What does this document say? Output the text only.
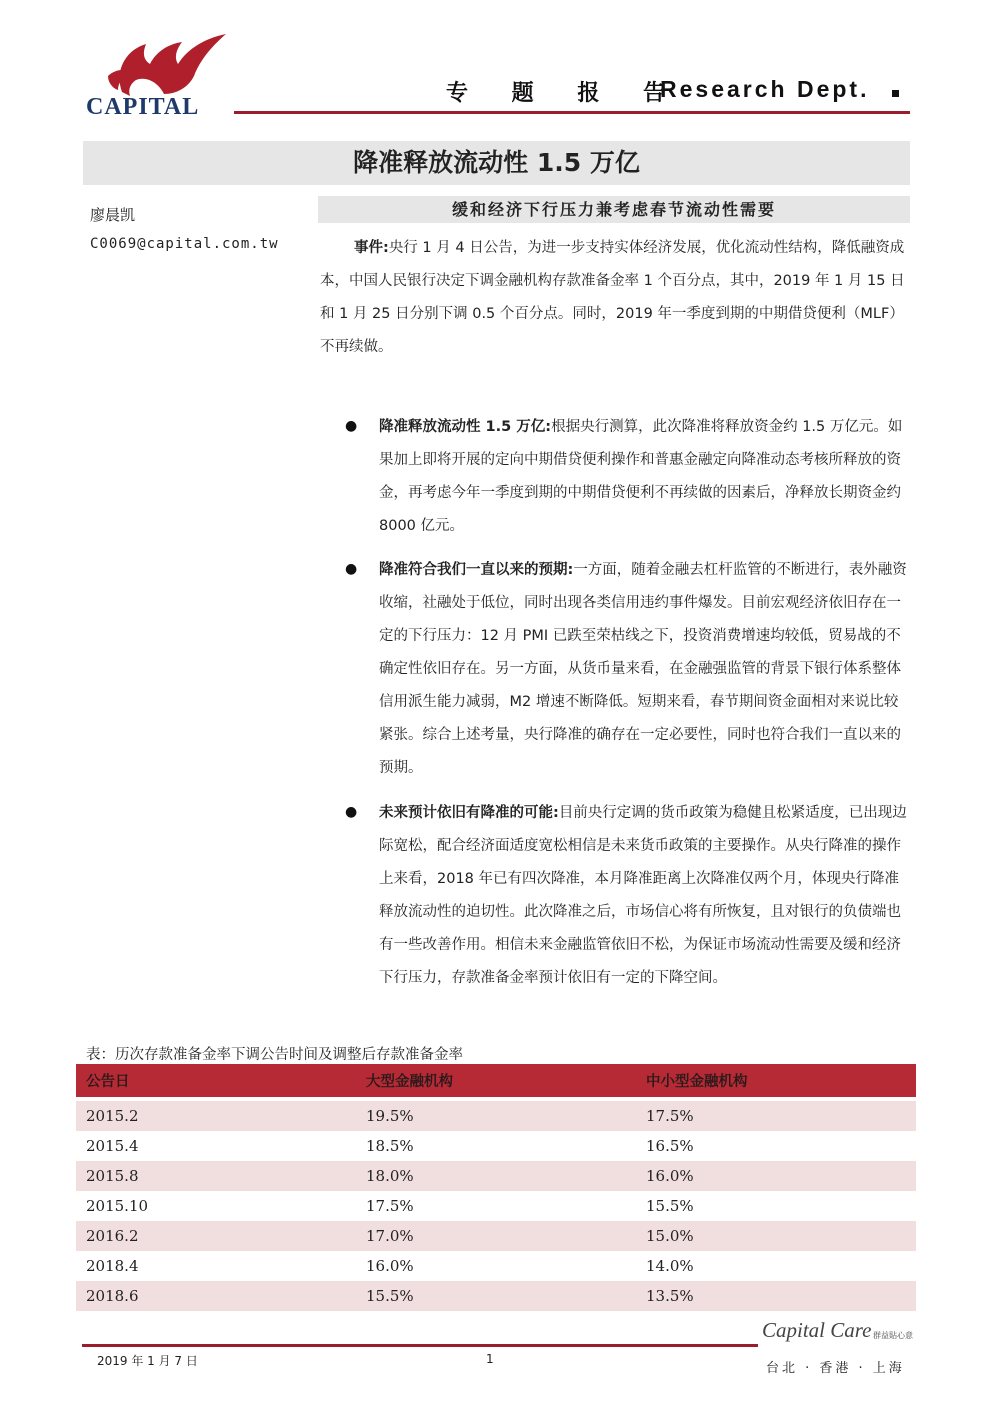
CAPITAL
专 题 报 告
Research Dept.
降准释放流动性 1.5 万亿
缓和经济下行压力兼考虑春节流动性需要
廖晨凯
C0069@capital.com.tw	事件:央行 1 月 4 日公告，为进一步支持实体经济发展，优化流动性结构，降低融资成本，中国人民银行决定下调金融机构存款准备金率 1 个百分点，其中，2019 年 1 月 15 日和 1 月 25 日分别下调 0.5 个百分点。同时，2019 年一季度到期的中期借贷便利（MLF）不再续做。
● 降准释放流动性 1.5 万亿:根据央行测算，此次降准将释放资金约 1.5 万亿元。如果加上即将开展的定向中期借贷便利操作和普惠金融定向降准动态考核所释放的资金，再考虑今年一季度到期的中期借贷便利不再续做的因素后，净释放长期资金约 8000 亿元。
● 降准符合我们一直以来的预期:一方面，随着金融去杠杆监管的不断进行，表外融资收缩，社融处于低位，同时出现各类信用违约事件爆发。目前宏观经济依旧存在一定的下行压力：12 月 PMI 已跌至荣枯线之下，投资消费增速均较低，贸易战的不确定性依旧存在。另一方面，从货币量来看，在金融强监管的背景下银行体系整体信用派生能力减弱，M2 增速不断降低。短期来看，春节期间资金面相对来说比较紧张。综合上述考量，央行降准的确存在一定必要性，同时也符合我们一直以来的预期。
● 未来预计依旧有降准的可能:目前央行定调的货币政策为稳健且松紧适度，已出现边际宽松，配合经济面适度宽松相信是未来货币政策的主要操作。从央行降准的操作上来看，2018 年已有四次降准，本月降准距离上次降准仅两个月，体现央行降准释放流动性的迫切性。此次降准之后，市场信心将有所恢复，且对银行的负债端也有一些改善作用。相信未来金融监管依旧不松，为保证市场流动性需要及缓和经济下行压力，存款准备金率预计依旧有一定的下降空间。
表：历次存款准备金率下调公告时间及调整后存款准备金率
公告日	大型金融机构	中小型金融机构
2015.2	19.5%	17.5%
2015.4	18.5%	16.5%
2015.8	18.0%	16.0%
2015.10	17.5%	15.5%
2016.2	17.0%	15.0%
2018.4	16.0%	14.0%
2018.6	15.5%	13.5%
2019 年 1 月 7 日	1
Capital Care 群益貼心意
台北 · 香港 · 上海
